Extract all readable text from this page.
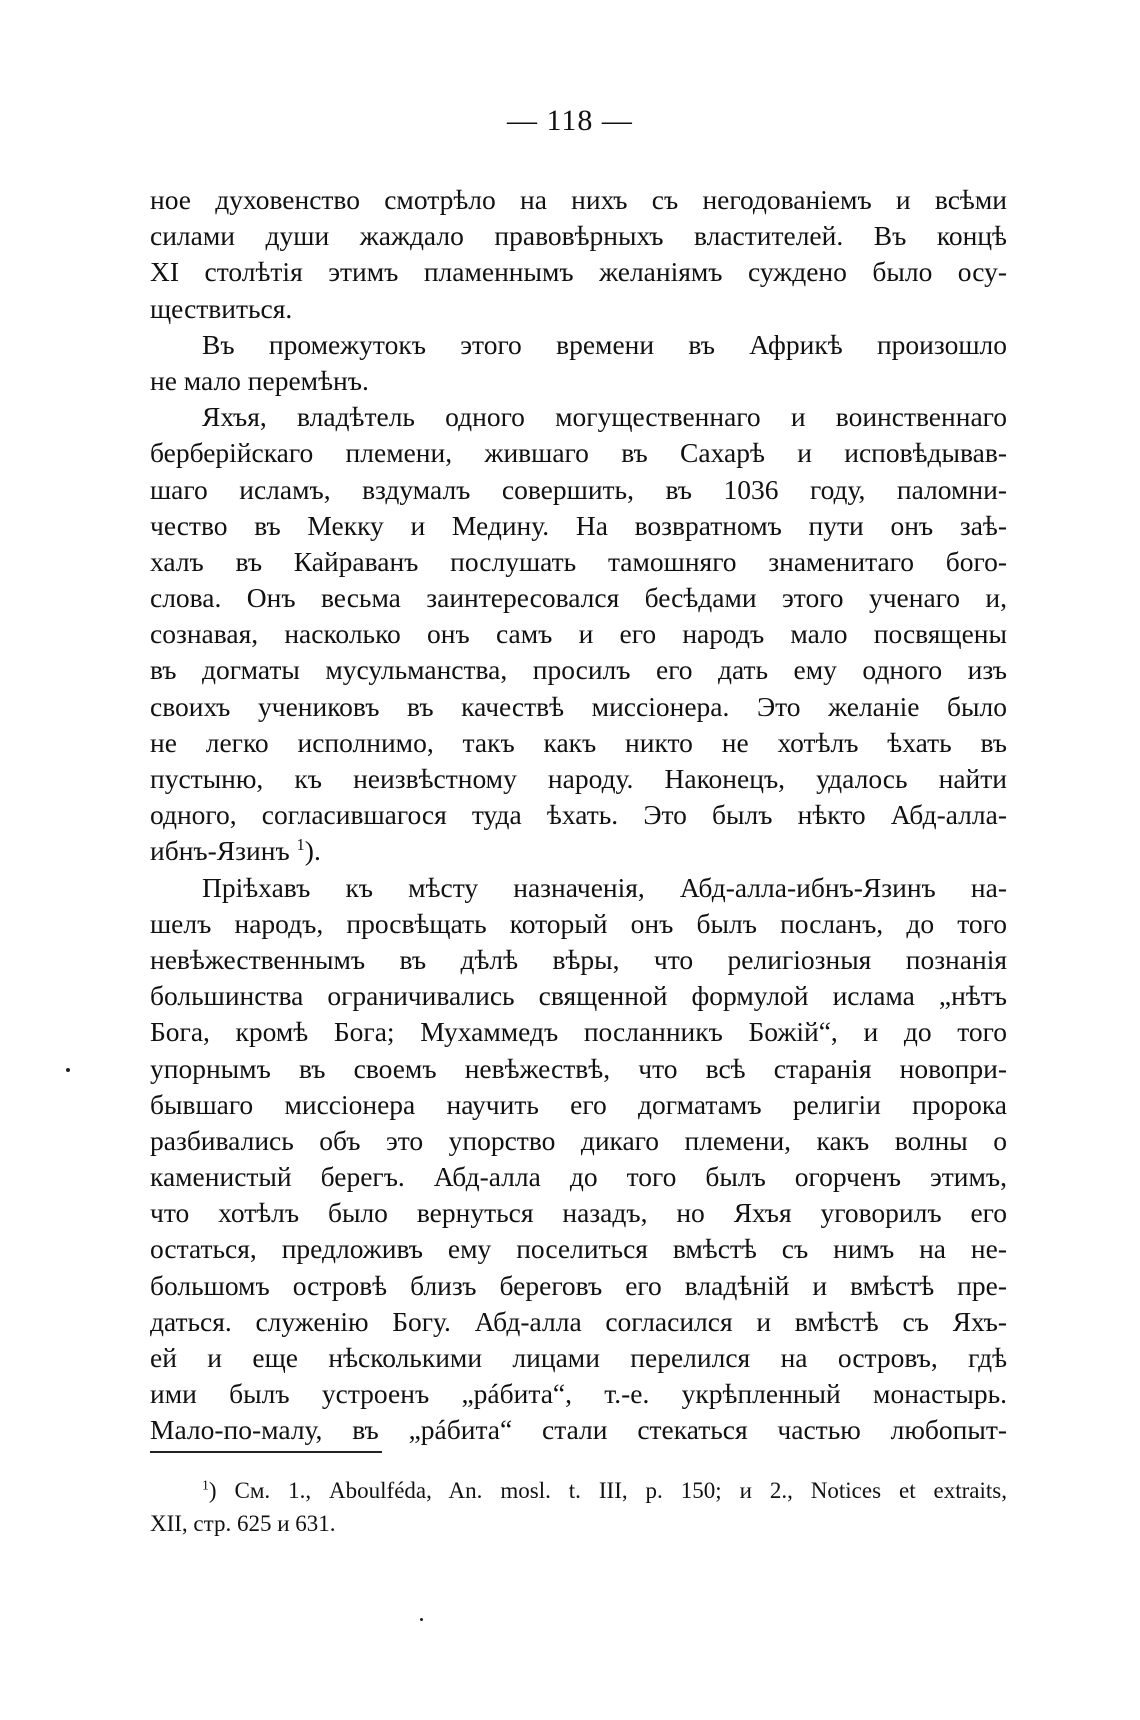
— 118 —
ное духовенство смотрѣло на нихъ съ негодованіемъ и всѣми
силами души жаждало правовѣрныхъ властителей. Въ концѣ
XI столѣтія этимъ пламеннымъ желаніямъ суждено было осу-
ществиться.
Въ промежутокъ этого времени въ Африкѣ произошло
не мало перемѣнъ.
Яхъя, владѣтель одного могущественнаго и воинственнаго
берберійскаго племени, жившаго въ Сахарѣ и исповѣдывав-
шаго исламъ, вздумалъ совершить, въ 1036 году, паломни-
чество въ Мекку и Медину. На возвратномъ пути онъ заѣ-
халъ въ Кайраванъ послушать тамошняго знаменитаго бого-
слова. Онъ весьма заинтересовался бесѣдами этого ученаго и,
сознавая, насколько онъ самъ и его народъ мало посвящены
въ догматы мусульманства, просилъ его дать ему одного изъ
своихъ учениковъ въ качествѣ миссіонера. Это желаніе было
не легко исполнимо, такъ какъ никто не хотѣлъ ѣхать въ
пустыню, къ неизвѣстному народу. Наконецъ, удалось найти
одного, согласившагося туда ѣхать. Это былъ нѣкто Абд-алла-
ибнъ-Язинъ $^1$).
Пріѣхавъ къ мѣсту назначенія, Абд-алла-ибнъ-Язинъ на-
шелъ народъ, просвѣщать который онъ былъ посланъ, до того
невѣжественнымъ въ дѣлѣ вѣры, что религіозныя познанія
большинства ограничивались священной формулой ислама „нѣтъ
Бога, кромѣ Бога; Мухаммедъ посланникъ Божій“, и до того
упорнымъ въ своемъ невѣжествѣ, что всѣ старанія новопри-
бывшаго миссіонера научить его догматамъ религіи пророка
разбивались объ это упорство дикаго племени, какъ волны о
каменистый берегъ. Абд-алла до того былъ огорченъ этимъ,
что хотѣлъ было вернуться назадъ, но Яхъя уговорилъ его
остаться, предложивъ ему поселиться вмѣстѣ съ нимъ на не-
большомъ островѣ близъ береговъ его владѣній и вмѣстѣ пре-
даться. служенію Богу. Абд-алла согласился и вмѣстѣ съ Яхъ-
ей и еще нѣсколькими лицами перелился на островъ, гдѣ
ими былъ устроенъ „рáбита“, т.-е. укрѣпленный монастырь.
Мало-по-малу, въ „рáбита“ стали стекаться частью любопыт-
$^1$) См. 1., Aboulféda, An. mosl. t. III, p. 150; и 2., Notices et extraits,
XII, стр. 625 и 631.
